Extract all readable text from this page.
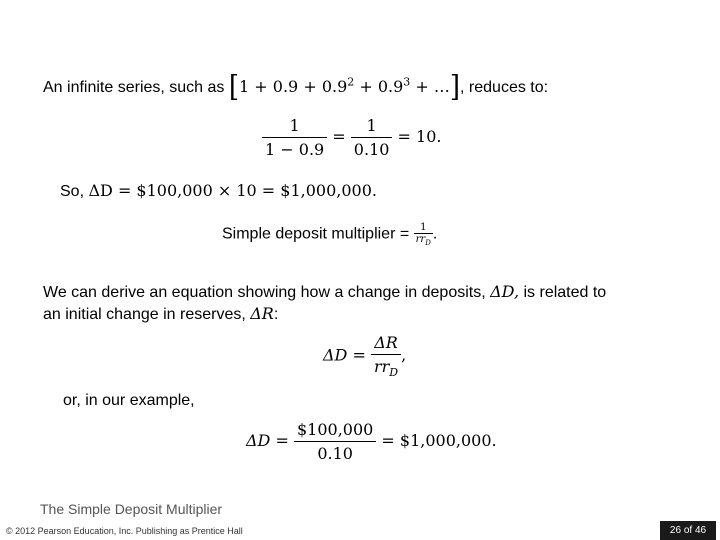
An infinite series, such as [$1 + 0.9 + 0.9^2 + 0.9^3$ + …], reduces to:
$\frac{1}{1 - 0.9} = \frac{1}{0.10} = 10$.
So, ΔD = $100,000 × 10 = $1,000,000.
Simple deposit multiplier = $\frac{1}{rr_D}$ .
We can derive an equation showing how a change in deposits, ΔD, is related to
an initial change in reserves, ΔR:
$\Delta D = \frac{\Delta R}{rr_D}$ ,
or, in our example,
$\Delta D = \frac{\$100,000}{0.10}$ = $1,000,000.
The Simple Deposit Multiplier
© 2012 Pearson Education, Inc. Publishing as Prentice Hall	26 of 46
